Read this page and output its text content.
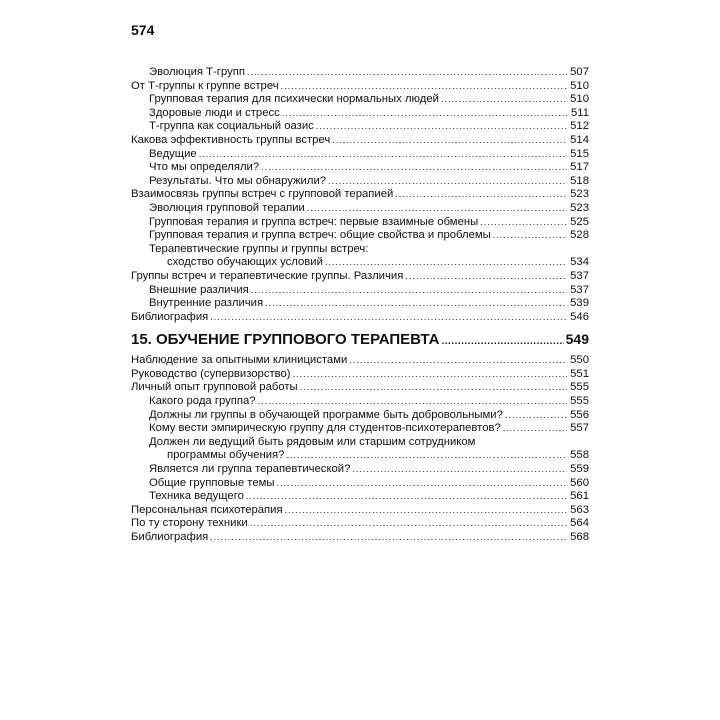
574
Эволюция Т-групп .....	507
От Т-группы к группе встреч .....	510
Групповая терапия для психически нормальных людей .....	510
Здоровые люди и стресс .....	511
Т-группа как социальный оазис .....	512
Какова эффективность группы встреч .....	514
Ведущие .....	515
Что мы определяли? .....	517
Результаты. Что мы обнаружили? .....	518
Взаимосвязь группы встреч с групповой терапией .....	523
Эволюция групповой терапии .....	523
Групповая терапия и группа встреч: первые взаимные обмены .....	525
Групповая терапия и группа встреч: общие свойства и проблемы .....	528
Терапевтические группы и группы встреч:
сходство обучающих условий .....	534
Группы встреч и терапевтические группы. Различия .....	537
Внешние различия .....	537
Внутренние различия .....	539
Библиография .....	546
15. ОБУЧЕНИЕ ГРУППОВОГО ТЕРАПЕВТА .....	549
Наблюдение за опытными клиницистами .....	550
Руководство (супервизорство) .....	551
Личный опыт групповой работы .....	555
Какого рода группа? .....	555
Должны ли группы в обучающей программе быть добровольными? .....	556
Кому вести эмпирическую группу для студентов-психотерапевтов? .....	557
Должен ли ведущий быть рядовым или старшим сотрудником
программы обучения? .....	558
Является ли группа терапевтической? .....	559
Общие групповые темы .....	560
Техника ведущего .....	561
Персональная психотерапия .....	563
По ту сторону техники .....	564
Библиография .....	568
